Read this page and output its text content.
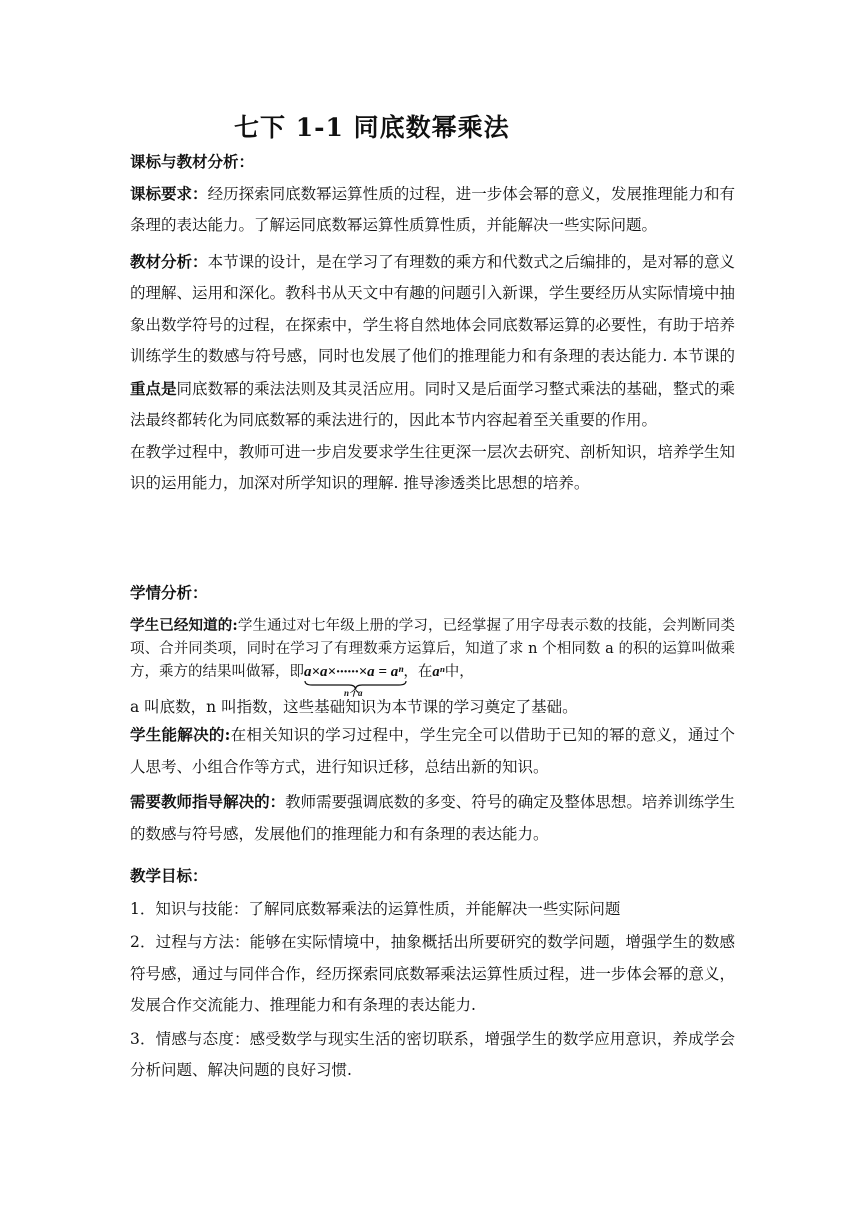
七下 1-1 同底数幂乘法

课标与教材分析：

课标要求：经历探索同底数幂运算性质的过程，进一步体会幂的意义，发展推理能力和有条理的表达能力。了解运同底数幂运算性质算性质，并能解决一些实际问题。

教材分析：本节课的设计，是在学习了有理数的乘方和代数式之后编排的，是对幂的意义的理解、运用和深化。教科书从天文中有趣的问题引入新课，学生要经历从实际情境中抽象出数学符号的过程，在探索中，学生将自然地体会同底数幂运算的必要性，有助于培养训练学生的数感与符号感，同时也发展了他们的推理能力和有条理的表达能力. 本节课的重点是同底数幂的乘法法则及其灵活应用。同时又是后面学习整式乘法的基础，整式的乘法最终都转化为同底数幂的乘法进行的，因此本节内容起着至关重要的作用。

在教学过程中，教师可进一步启发要求学生往更深一层次去研究、剖析知识，培养学生知识的运用能力，加深对所学知识的理解. 推导渗透类比思想的培养。

学情分析：

学生已经知道的:学生通过对七年级上册的学习，已经掌握了用字母表示数的技能，会判断同类项、合并同类项，同时在学习了有理数乘方运算后，知道了求 n 个相同数 a 的积的运算叫做乘方，乘方的结果叫做幂，即a×a×······×a = aⁿ
n个a
，在aⁿ中，

a 叫底数，n 叫指数，这些基础知识为本节课的学习奠定了基础。

学生能解决的:在相关知识的学习过程中，学生完全可以借助于已知的幂的意义，通过个人思考、小组合作等方式，进行知识迁移，总结出新的知识。

需要教师指导解决的：教师需要强调底数的多变、符号的确定及整体思想。培养训练学生的数感与符号感，发展他们的推理能力和有条理的表达能力。

教学目标：

1．知识与技能：了解同底数幂乘法的运算性质，并能解决一些实际问题

2．过程与方法：能够在实际情境中，抽象概括出所要研究的数学问题，增强学生的数感符号感，通过与同伴合作，经历探索同底数幂乘法运算性质过程，进一步体会幂的意义，发展合作交流能力、推理能力和有条理的表达能力.

3．情感与态度：感受数学与现实生活的密切联系，增强学生的数学应用意识，养成学会分析问题、解决问题的良好习惯.
